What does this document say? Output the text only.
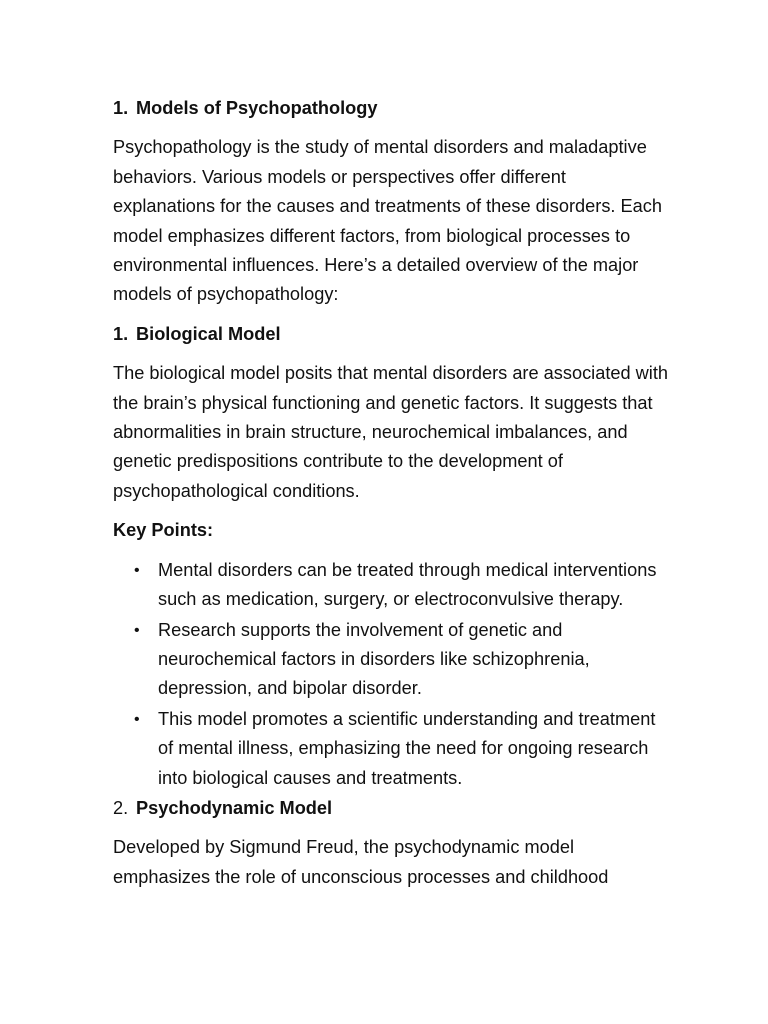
1. Models of Psychopathology

Psychopathology is the study of mental disorders and maladaptive behaviors. Various models or perspectives offer different explanations for the causes and treatments of these disorders. Each model emphasizes different factors, from biological processes to environmental influences. Here’s a detailed overview of the major models of psychopathology:

1. Biological Model

The biological model posits that mental disorders are associated with the brain’s physical functioning and genetic factors. It suggests that abnormalities in brain structure, neurochemical imbalances, and genetic predispositions contribute to the development of psychopathological conditions.

Key Points:
• Mental disorders can be treated through medical interventions such as medication, surgery, or electroconvulsive therapy.
• Research supports the involvement of genetic and neurochemical factors in disorders like schizophrenia, depression, and bipolar disorder.
• This model promotes a scientific understanding and treatment of mental illness, emphasizing the need for ongoing research into biological causes and treatments.
2. Psychodynamic Model

Developed by Sigmund Freud, the psychodynamic model emphasizes the role of unconscious processes and childhood
